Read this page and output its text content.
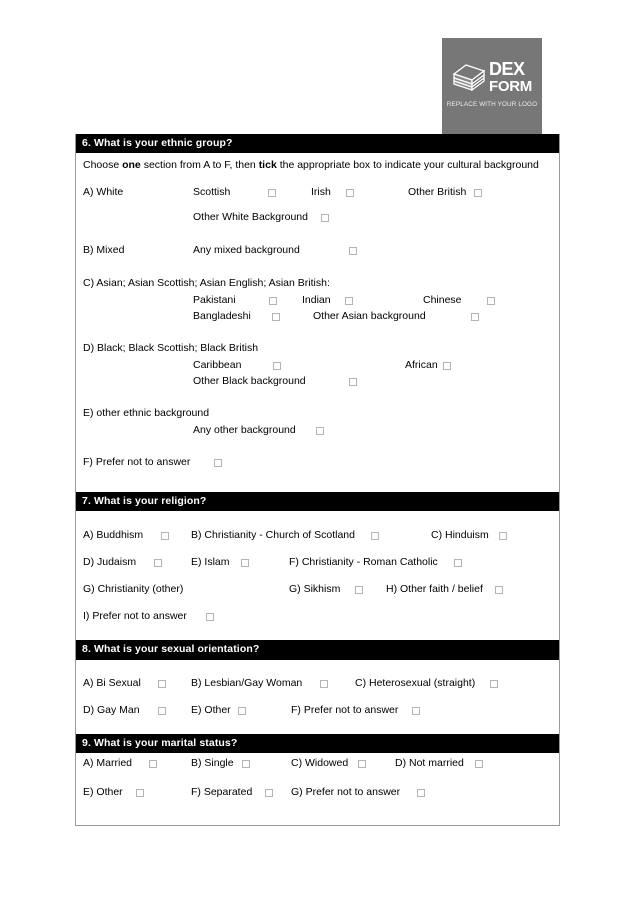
DEX
FORM
REPLACE WITH YOUR LOGO
6. What is your ethnic group?
Choose one section from A to F, then tick the appropriate box to indicate your cultural background
A) White	Scottish	Irish	Other British
Other White Background
B) Mixed	Any mixed background
C) Asian; Asian Scottish; Asian English; Asian British:
Pakistani	Indian	Chinese
Bangladeshi	Other Asian background
D) Black; Black Scottish; Black British
Caribbean	African
Other Black background
E) other ethnic background
Any other background
F) Prefer not to answer
7. What is your religion?
A) Buddhism	B) Christianity - Church of Scotland	C) Hinduism
D) Judaism	E) Islam	F) Christianity - Roman Catholic
G) Christianity (other)	G) Sikhism	H) Other faith / belief
I) Prefer not to answer
8. What is your sexual orientation?
A) Bi Sexual	B) Lesbian/Gay Woman	C) Heterosexual (straight)
D) Gay Man	E) Other	F) Prefer not to answer
9. What is your marital status?
A) Married	B) Single	C) Widowed	D) Not married
E) Other	F) Separated	G) Prefer not to answer
